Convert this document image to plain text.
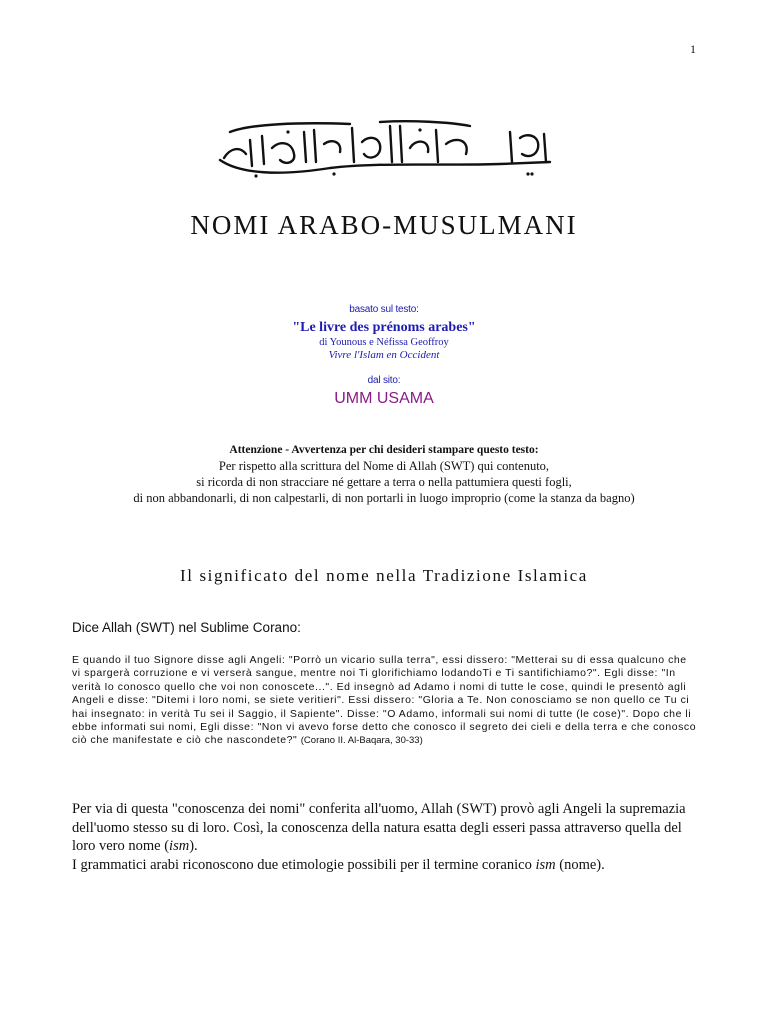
1
NOMI ARABO-MUSULMANI
basato sul testo:
"Le livre des prénoms arabes"
di Younous e Néfissa Geoffroy
Vivre l'Islam en Occident
dal sito:
UMM USAMA
Attenzione - Avvertenza per chi desideri stampare questo testo:
Per rispetto alla scrittura del Nome di Allah (SWT) qui contenuto,
si ricorda di non stracciare né gettare a terra o nella pattumiera questi fogli,
di non abbandonarli, di non calpestarli, di non portarli in luogo improprio (come la stanza da bagno)
Il significato del nome nella Tradizione Islamica
Dice Allah (SWT) nel Sublime Corano:
E quando il tuo Signore disse agli Angeli: "Porrò un vicario sulla terra", essi dissero: "Metterai su di essa qualcuno che vi spargerà corruzione e vi verserà sangue, mentre noi Ti glorifichiamo lodandoTi e Ti santifichiamo?". Egli disse: "In verità Io conosco quello che voi non conoscete...". Ed insegnò ad Adamo i nomi di tutte le cose, quindi le presentò agli Angeli e disse: "Ditemi i loro nomi, se siete veritieri". Essi dissero: "Gloria a Te. Non conosciamo se non quello ce Tu ci hai insegnato: in verità Tu sei il Saggio, il Sapiente". Disse: "O Adamo, informali sui nomi di tutte (le cose)". Dopo che li ebbe informati sui nomi, Egli disse: "Non vi avevo forse detto che conosco il segreto dei cieli e della terra e che conosco ciò che manifestate e ciò che nascondete?" (Corano II. Al-Baqara, 30-33)

Per via di questa "conoscenza dei nomi" conferita all'uomo, Allah (SWT) provò agli Angeli la supremazia dell'uomo stesso su di loro. Così, la conoscenza della natura esatta degli esseri passa attraverso quella del loro vero nome (ism).

I grammatici arabi riconoscono due etimologie possibili per il termine coranico ism (nome).
